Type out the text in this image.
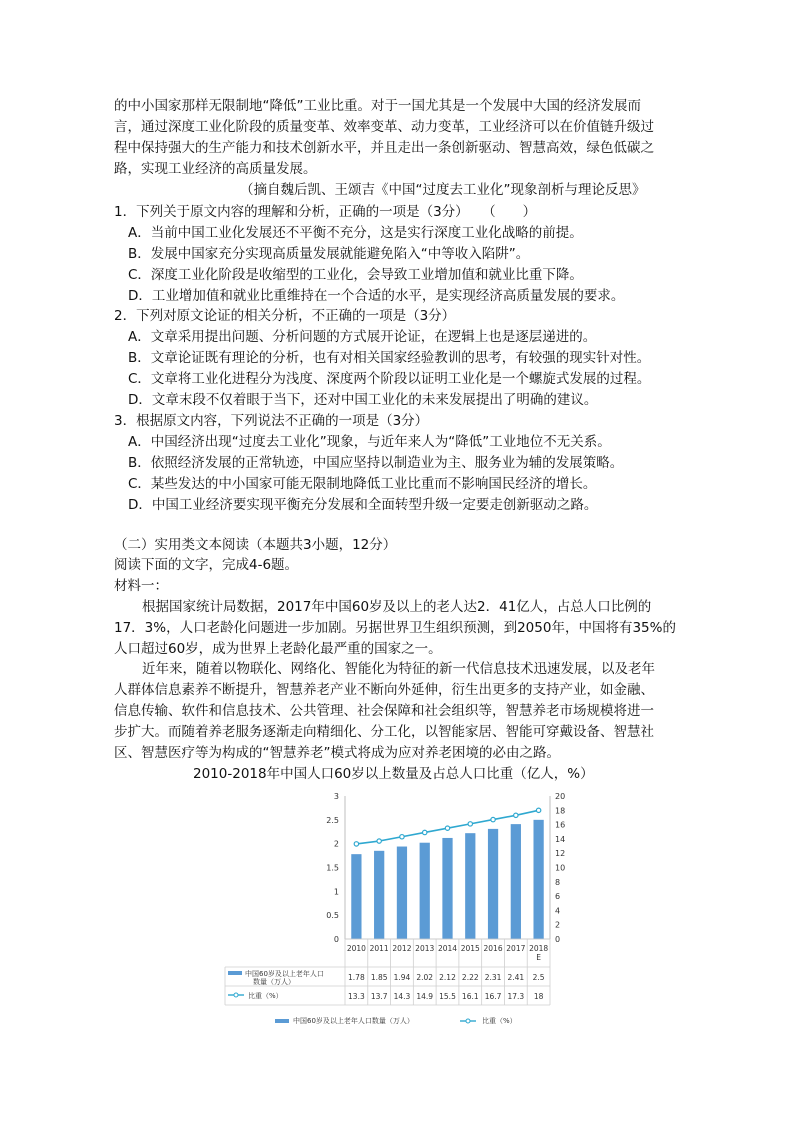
的中小国家那样无限制地“降低”工业比重。对于一国尤其是一个发展中大国的经济发展而
言，通过深度工业化阶段的质量变革、效率变革、动力变革，工业经济可以在价值链升级过
程中保持强大的生产能力和技术创新水平，并且走出一条创新驱动、智慧高效，绿色低碳之
路，实现工业经济的高质量发展。
（摘自魏后凯、王颂吉《中国“过度去工业化”现象剖析与理论反思》
1．下列关于原文内容的理解和分析，正确的一项是（3分）　　（　　）
A．当前中国工业化发展还不平衡不充分，这是实行深度工业化战略的前提。
B．发展中国家充分实现高质量发展就能避免陷入“中等收入陷阱”。
C．深度工业化阶段是收缩型的工业化，会导致工业增加值和就业比重下降。
D．工业增加值和就业比重维持在一个合适的水平，是实现经济高质量发展的要求。
2．下列对原文论证的相关分析，不正确的一项是（3分）
A．文章采用提出问题、分析问题的方式展开论证，在逻辑上也是逐层递进的。
B．文章论证既有理论的分析，也有对相关国家经验教训的思考，有较强的现实针对性。
C．文章将工业化进程分为浅度、深度两个阶段以证明工业化是一个螺旋式发展的过程。
D．文章末段不仅着眼于当下，还对中国工业化的未来发展提出了明确的建议。
3．根据原文内容，下列说法不正确的一项是（3分）
A．中国经济出现“过度去工业化”现象，与近年来人为“降低”工业地位不无关系。
B．依照经济发展的正常轨迹，中国应坚持以制造业为主、服务业为辅的发展策略。
C．某些发达的中小国家可能无限制地降低工业比重而不影响国民经济的增长。
D．中国工业经济要实现平衡充分发展和全面转型升级一定要走创新驱动之路。
（二）实用类文本阅读（本题共3小题，12分）
阅读下面的文字，完成4-6题。
材料一：
根据国家统计局数据，2017年中国60岁及以上的老人达2．41亿人，占总人口比例的
17．3%，人口老龄化问题进一步加剧。另据世界卫生组织预测，到2050年，中国将有35%的
人口超过60岁，成为世界上老龄化最严重的国家之一。
近年来，随着以物联化、网络化、智能化为特征的新一代信息技术迅速发展，以及老年
人群体信息素养不断提升，智慧养老产业不断向外延伸，衍生出更多的支持产业，如金融、
信息传输、软件和信息技术、公共管理、社会保障和社会组织等，智慧养老市场规模将进一
步扩大。而随着养老服务逐渐走向精细化、分工化，以智能家居、智能可穿戴设备、智慧社
区、智慧医疗等为构成的“智慧养老”模式将成为应对养老困境的必由之路。
2010-2018年中国人口60岁以上数量及占总人口比重（亿人，%）
0
0.5
1
1.5
2
2.5
3
0
2
4
6
8
10
12
14
16
18
20
2010 2011 2012 2013 2014 2015 2016 2017 2018
E
中国60岁及以上老年人口
数量（万人）
比重（%）
1.78 1.85 1.94 2.02 2.12 2.22 2.31 2.41 2.5
13.3 13.7 14.3 14.9 15.5 16.1 16.7 17.3 18
中国60岁及以上老年人口数量（万人）	比重（%）
